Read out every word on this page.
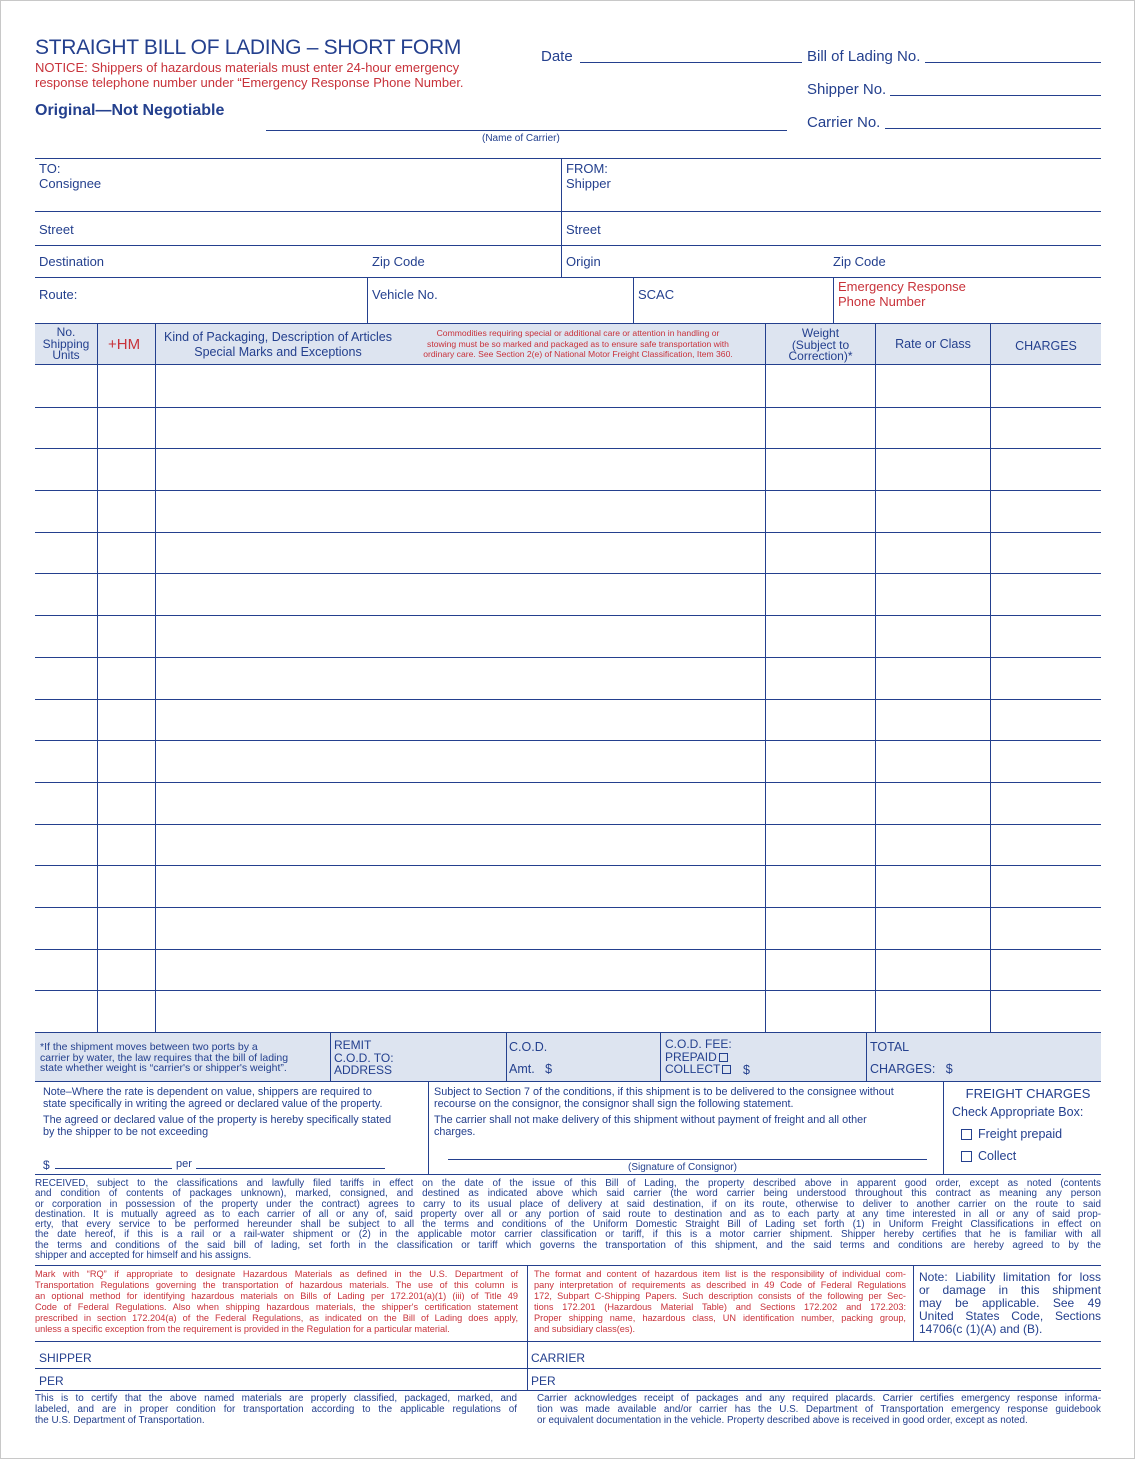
STRAIGHT BILL OF LADING – SHORT FORM
NOTICE: Shippers of hazardous materials must enter 24-hour emergency
response telephone number under “Emergency Response Phone Number.
Original—Not Negotiable
Date	Bill of Lading No.
Shipper No.
Carrier No.
(Name of Carrier)
TO:
Consignee
FROM:
Shipper
Street	Street
Destination	Zip Code	Origin	Zip Code
Route:	Vehicle No.	SCAC
Emergency Response
Phone Number
No.
Shipping
Units
+HM	Kind of Packaging, Description of Articles
Special Marks and Exceptions
Commodities requiring special or additional care or attention in handling or
stowing must be so marked and packaged as to ensure safe transportation with
ordinary care. See Section 2(e) of National Motor Freight Classification, Item 360.
Weight
(Subject to
Correction)*
Rate or Class	CHARGES
*If the shipment moves between two ports by a
carrier by water, the law requires that the bill of lading
state whether weight is “carrier's or shipper's weight”.
REMIT
C.O.D. TO:
ADDRESS
C.O.D.
Amt. $
C.O.D. FEE:
PREPAID
COLLECT	$
TOTAL
CHARGES: $
Note–Where the rate is dependent on value, shippers are required to
state specifically in writing the agreed or declared value of the property.
The agreed or declared value of the property is hereby specifically stated
by the shipper to be not exceeding
$	per
Subject to Section 7 of the conditions, if this shipment is to be delivered to the consignee without
recourse on the consignor, the consignor shall sign the following statement.
The carrier shall not make delivery of this shipment without payment of freight and all other
charges.
(Signature of Consignor)
FREIGHT CHARGES
Check Appropriate Box:
Freight prepaid
Collect
RECEIVED, subject to the classifications and lawfully filed tariffs in effect on the date of the issue of this Bill of Lading, the property described above in apparent good order, except as noted (contents
and condition of contents of packages unknown), marked, consigned, and destined as indicated above which said carrier (the word carrier being understood throughout this contract as meaning any person
or corporation in possession of the property under the contract) agrees to carry to its usual place of delivery at said destination, if on its route, otherwise to deliver to another carrier on the route to said
destination. It is mutually agreed as to each carrier of all or any of, said property over all or any portion of said route to destination and as to each party at any time interested in all or any of said prop-
erty, that every service to be performed hereunder shall be subject to all the terms and conditions of the Uniform Domestic Straight Bill of Lading set forth (1) in Uniform Freight Classifications in effect on
the date hereof, if this is a rail or a rail-water shipment or (2) in the applicable motor carrier classification or tariff, if this is a motor carrier shipment. Shipper hereby certifies that he is familiar with all
the terms and conditions of the said bill of lading, set forth in the classification or tariff which governs the transportation of this shipment, and the said terms and conditions are hereby agreed to by the
shipper and accepted for himself and his assigns.
Mark with “RQ” if appropriate to designate Hazardous Materials as defined in the U.S. Department of
Transportation Regulations governing the transportation of hazardous materials. The use of this column is
an optional method for identifying hazardous materials on Bills of Lading per 172.201(a)(1) (iii) of Title 49
Code of Federal Regulations. Also when shipping hazardous materials, the shipper's certification statement
prescribed in section 172.204(a) of the Federal Regulations, as indicated on the Bill of Lading does apply,
unless a specific exception from the requirement is provided in the Regulation for a particular material.
The format and content of hazardous item list is the responsibility of individual com-
pany interpretation of requirements as described in 49 Code of Federal Regulations
172, Subpart C-Shipping Papers. Such description consists of the following per Sec-
tions 172.201 (Hazardous Material Table) and Sections 172.202 and 172.203:
Proper shipping name, hazardous class, UN identification number, packing group,
and subsidiary class(es).
Note: Liability limitation for loss
or damage in this shipment
may be applicable. See 49
United States Code, Sections
14706(c (1)(A) and (B).
SHIPPER	CARRIER
PER	PER
This is to certify that the above named materials are properly classified, packaged, marked, and
labeled, and are in proper condition for transportation according to the applicable regulations of
the U.S. Department of Transportation.
Carrier acknowledges receipt of packages and any required placards. Carrier certifies emergency response informa-
tion was made available and/or carrier has the U.S. Department of Transportation emergency response guidebook
or equivalent documentation in the vehicle. Property described above is received in good order, except as noted.
